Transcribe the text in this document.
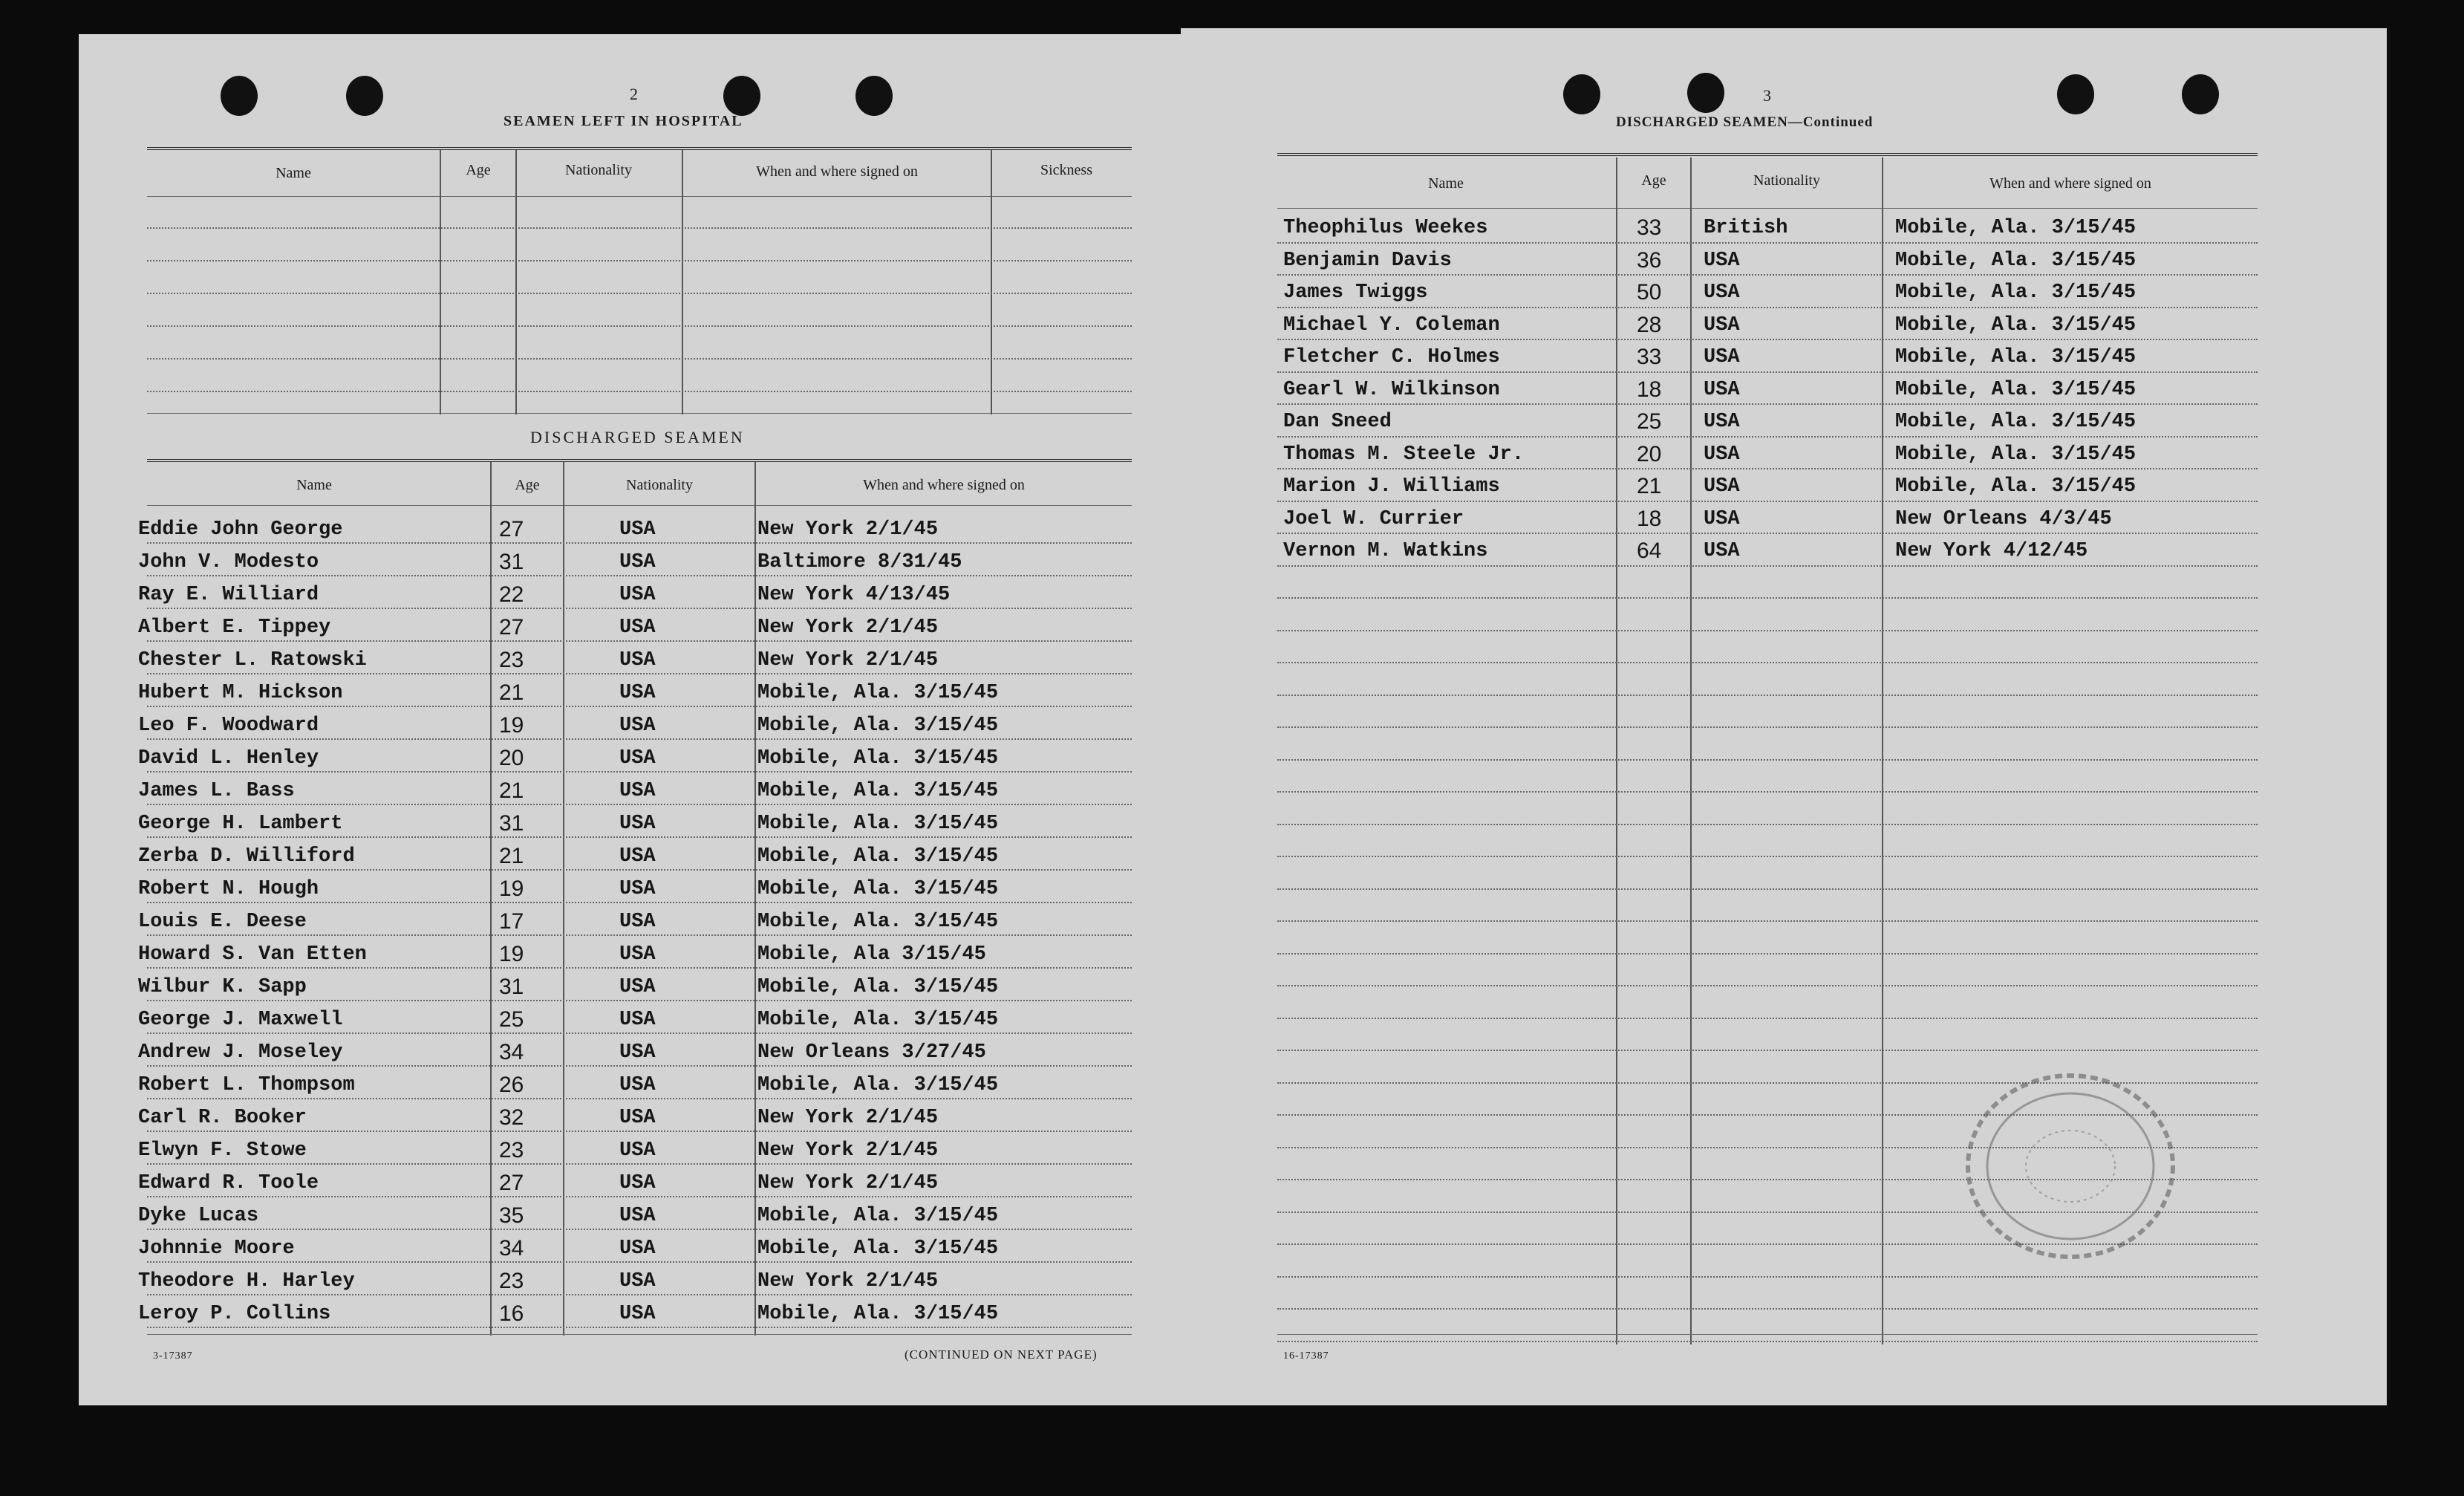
2
SEAMEN LEFT IN HOSPITAL
Name	Age	Nationality	When and where signed on	Sickness
DISCHARGED SEAMEN
Name	Age	Nationality	When and where signed on
Eddie John George	27	USA	New York 2/1/45
John V. Modesto	31	USA	Baltimore 8/31/45
Ray E. Williard	22	USA	New York 4/13/45
Albert E. Tippey	27	USA	New York 2/1/45
Chester L. Ratowski	23	USA	New York 2/1/45
Hubert M. Hickson	21	USA	Mobile, Ala. 3/15/45
Leo F. Woodward	19	USA	Mobile, Ala. 3/15/45
David L. Henley	20	USA	Mobile, Ala. 3/15/45
James L. Bass	21	USA	Mobile, Ala. 3/15/45
George H. Lambert	31	USA	Mobile, Ala. 3/15/45
Zerba D. Williford	21	USA	Mobile, Ala. 3/15/45
Robert N. Hough	19	USA	Mobile, Ala. 3/15/45
Louis E. Deese	17	USA	Mobile, Ala. 3/15/45
Howard S. Van Etten	19	USA	Mobile, Ala 3/15/45
Wilbur K. Sapp	31	USA	Mobile, Ala. 3/15/45
George J. Maxwell	25	USA	Mobile, Ala. 3/15/45
Andrew J. Moseley	34	USA	New Orleans 3/27/45
Robert L. Thompsom	26	USA	Mobile, Ala. 3/15/45
Carl R. Booker	32	USA	New York 2/1/45
Elwyn F. Stowe	23	USA	New York 2/1/45
Edward R. Toole	27	USA	New York 2/1/45
Dyke Lucas	35	USA	Mobile, Ala. 3/15/45
Johnnie Moore	34	USA	Mobile, Ala. 3/15/45
Theodore H. Harley	23	USA	New York 2/1/45
Leroy P. Collins	16	USA	Mobile, Ala. 3/15/45
3-17387	(CONTINUED ON NEXT PAGE)
3
DISCHARGED SEAMEN—Continued
Name	Age	Nationality	When and where signed on
Theophilus Weekes	33 British	Mobile, Ala. 3/15/45
Benjamin Davis	36 USA	Mobile, Ala. 3/15/45
James Twiggs	50 USA	Mobile, Ala. 3/15/45
Michael Y. Coleman	28 USA	Mobile, Ala. 3/15/45
Fletcher C. Holmes	33 USA	Mobile, Ala. 3/15/45
Gearl W. Wilkinson	18 USA	Mobile, Ala. 3/15/45
Dan Sneed	25 USA	Mobile, Ala. 3/15/45
Thomas M. Steele Jr.	20 USA	Mobile, Ala. 3/15/45
Marion J. Williams	21 USA	Mobile, Ala. 3/15/45
Joel W. Currier	18 USA	New Orleans 4/3/45
Vernon M. Watkins	64 USA	New York 4/12/45
16-17387
